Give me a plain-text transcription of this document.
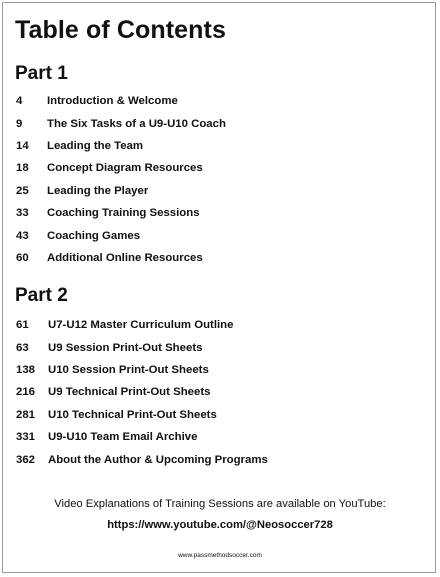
Table of Contents
Part 1
4	Introduction & Welcome
9	The Six Tasks of a U9-U10 Coach
14	Leading the Team
18	Concept Diagram Resources
25	Leading the Player
33	Coaching Training Sessions
43	Coaching Games
60	Additional Online Resources
Part 2
61	U7-U12 Master Curriculum Outline
63	U9 Session Print-Out Sheets
138	U10 Session Print-Out Sheets
216	U9 Technical Print-Out Sheets
281	U10 Technical Print-Out Sheets
331	U9-U10 Team Email Archive
362	About the Author & Upcoming Programs
Video Explanations of Training Sessions are available on YouTube:
https://www.youtube.com/@Neosoccer728
www.passmethodsoccer.com
